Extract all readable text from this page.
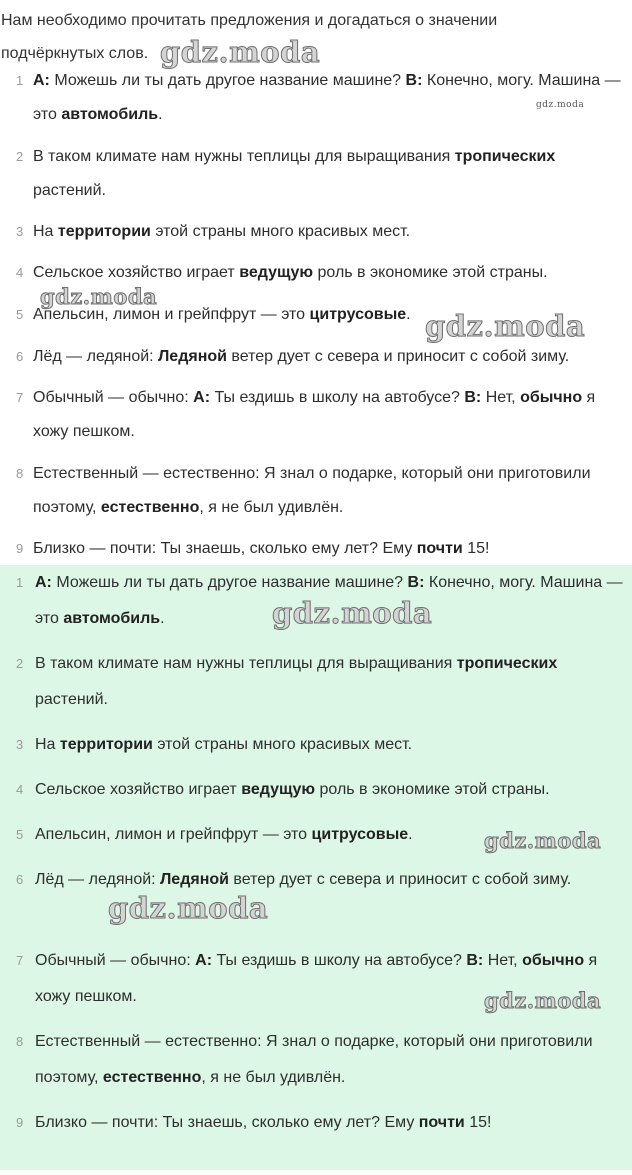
Нам необходимо прочитать предложения и догадаться о значении
подчёркнутых слов.
1 A: Можешь ли ты дать другое название машине? B: Конечно, могу. Машина — это автомобиль.
2 В таком климате нам нужны теплицы для выращивания тропических растений.
3 На территории этой страны много красивых мест.
4 Сельское хозяйство играет ведущую роль в экономике этой страны.
5 Апельсин, лимон и грейпфрут — это цитрусовые.
6 Лёд — ледяной: Ледяной ветер дует с севера и приносит с собой зиму.
7 Обычный — обычно: A: Ты ездишь в школу на автобусе? B: Нет, обычно я хожу пешком.
8 Естественный — естественно: Я знал о подарке, который они приготовили поэтому, естественно, я не был удивлён.
9 Близко — почти: Ты знаешь, сколько ему лет? Ему почти 15!
1 A: Можешь ли ты дать другое название машине? B: Конечно, могу. Машина — это автомобиль.
2 В таком климате нам нужны теплицы для выращивания тропических растений.
3 На территории этой страны много красивых мест.
4 Сельское хозяйство играет ведущую роль в экономике этой страны.
5 Апельсин, лимон и грейпфрут — это цитрусовые.
6 Лёд — ледяной: Ледяной ветер дует с севера и приносит с собой зиму.
7 Обычный — обычно: A: Ты ездишь в школу на автобусе? B: Нет, обычно я хожу пешком.
8 Естественный — естественно: Я знал о подарке, который они приготовили поэтому, естественно, я не был удивлён.
9 Близко — почти: Ты знаешь, сколько ему лет? Ему почти 15!
gdz.moda
gdz.moda
gdz.moda
gdz.moda
gdz.moda
gdz.moda
gdz.moda
gdz.moda
